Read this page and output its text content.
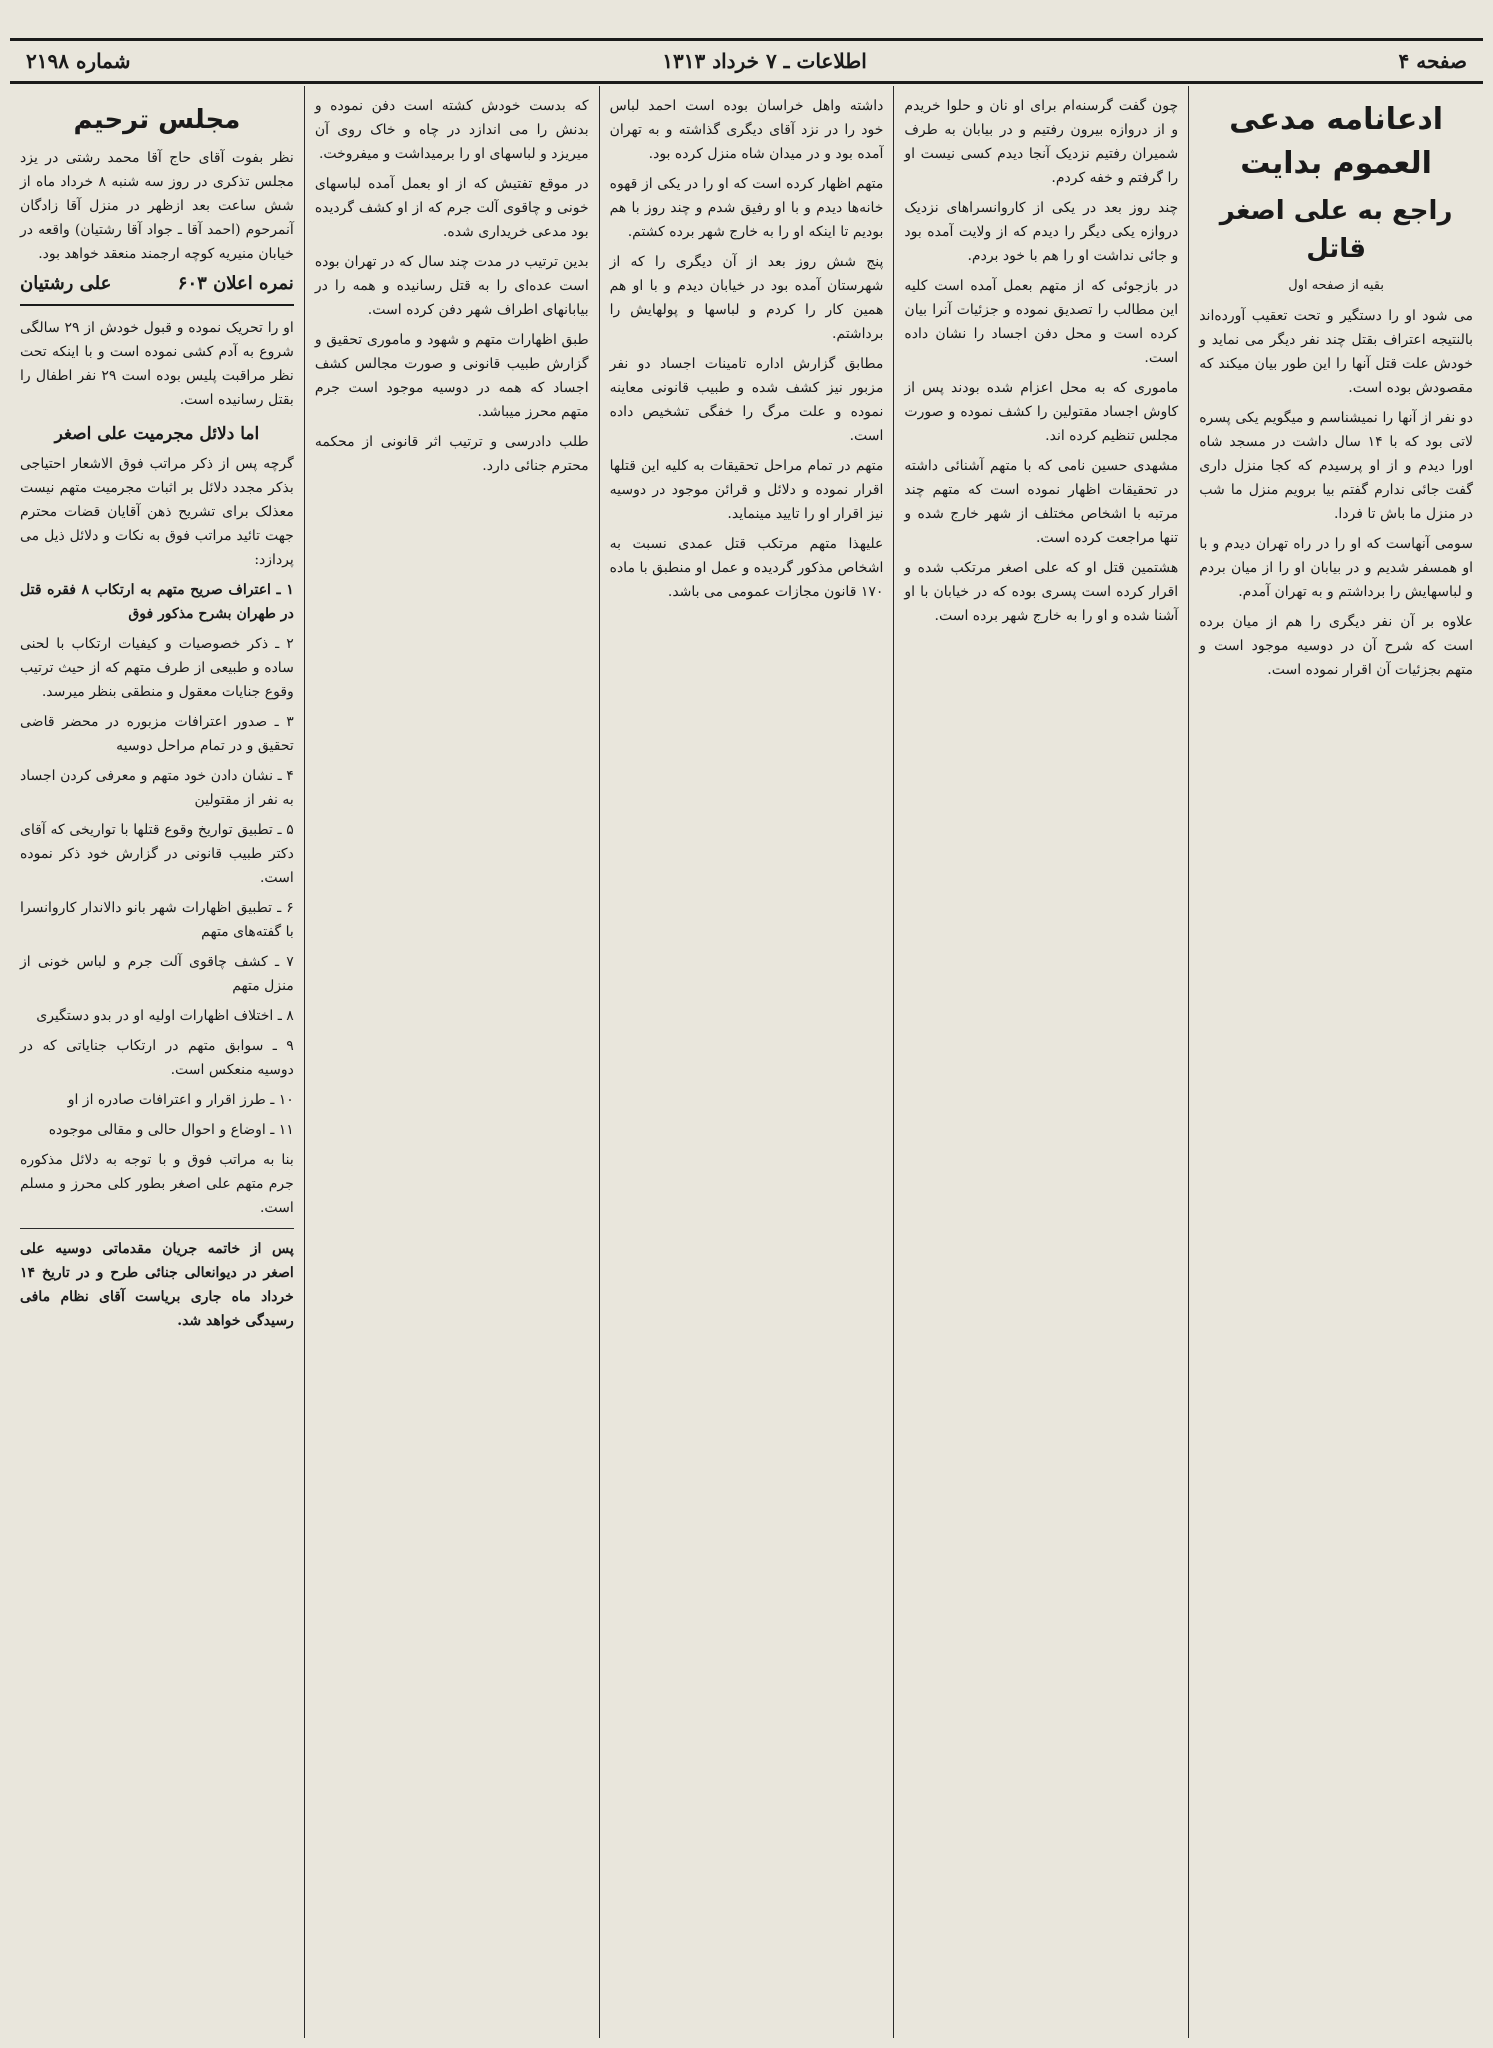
صفحه ۴
اطلاعات ـ ۷ خرداد ۱۳۱۳
شماره ۲۱۹۸
ادعانامه مدعی العموم بدایت
راجع به علی اصغر قاتل
بقیه از صفحه اول

می شود او را دستگیر و تحت تعقیب آورده‌اند بالنتیجه اعتراف بقتل چند نفر دیگر می نماید و خودش علت قتل آنها را این طور بیان میکند که مقصودش بوده است.

دو نفر از آنها را نمیشناسم و میگویم یکی پسره لاتی بود که با ۱۴ سال داشت در مسجد شاه اورا دیدم و از او پرسیدم که کجا منزل داری گفت جائی ندارم گفتم بیا برویم منزل ما شب در منزل ما باش تا فردا.

سومی آنهاست که او را در راه تهران دیدم و با او همسفر شدیم و در بیابان او را از میان بردم و لباسهایش را برداشتم و به تهران آمدم.

علاوه بر آن نفر دیگری را هم از میان برده است که شرح آن در دوسیه موجود است و متهم بجزئیات آن اقرار نموده است.

چون گفت گرسنه‌ام برای او نان و حلوا خریدم و از دروازه بیرون رفتیم و در بیابان به طرف شمیران رفتیم نزدیک آنجا دیدم کسی نیست او را گرفتم و خفه کردم.

چند روز بعد در یکی از کاروانسراهای نزدیک دروازه یکی دیگر را دیدم که از ولایت آمده بود و جائی نداشت او را هم با خود بردم.

در بازجوئی که از متهم بعمل آمده است کلیه این مطالب را تصدیق نموده و جزئیات آنرا بیان کرده است و محل دفن اجساد را نشان داده است.

ماموری که به محل اعزام شده بودند پس از کاوش اجساد مقتولین را کشف نموده و صورت مجلس تنظیم کرده اند.

مشهدی حسین نامی که با متهم آشنائی داشته در تحقیقات اظهار نموده است که متهم چند مرتبه با اشخاص مختلف از شهر خارج شده و تنها مراجعت کرده است.

هشتمین قتل او که علی اصغر مرتکب شده و اقرار کرده است پسری بوده که در خیابان با او آشنا شده و او را به خارج شهر برده است.

داشته واهل خراسان بوده است احمد لباس خود را در نزد آقای دیگری گذاشته و به تهران آمده بود و در میدان شاه منزل کرده بود.

متهم اظهار کرده است که او را در یکی از قهوه خانه‌ها دیدم و با او رفیق شدم و چند روز با هم بودیم تا اینکه او را به خارج شهر برده کشتم.

پنج شش روز بعد از آن دیگری را که از شهرستان آمده بود در خیابان دیدم و با او هم همین کار را کردم و لباسها و پولهایش را برداشتم.

مطابق گزارش اداره تامینات اجساد دو نفر مزبور نیز کشف شده و طبیب قانونی معاینه نموده و علت مرگ را خفگی تشخیص داده است.

متهم در تمام مراحل تحقیقات به کلیه این قتلها اقرار نموده و دلائل و قرائن موجود در دوسیه نیز اقرار او را تایید مینماید.

علیهذا متهم مرتکب قتل عمدی نسبت به اشخاص مذکور گردیده و عمل او منطبق با ماده ۱۷۰ قانون مجازات عمومی می باشد.

که بدست خودش کشته است دفن نموده و بدنش را می اندازد در چاه و خاک روی آن میریزد و لباسهای او را برمیداشت و میفروخت.

در موقع تفتیش که از او بعمل آمده لباسهای خونی و چاقوی آلت جرم که از او کشف گردیده بود مدعی خریداری شده.

بدین ترتیب در مدت چند سال که در تهران بوده است عده‌ای را به قتل رسانیده و همه را در بیابانهای اطراف شهر دفن کرده است.

طبق اظهارات متهم و شهود و ماموری تحقیق و گزارش طبیب قانونی و صورت مجالس کشف اجساد که همه در دوسیه موجود است جرم متهم محرز میباشد.

طلب دادرسی و ترتیب اثر قانونی از محکمه محترم جنائی دارد.

مجلس ترحیم

نظر بفوت آقای حاج آقا محمد رشتی در یزد مجلس تذکری در روز سه شنبه ۸ خرداد ماه از شش ساعت بعد ازظهر در منزل آقا زادگان آنمرحوم (احمد آقا ـ جواد آقا رشتیان) واقعه در خیابان منیریه کوچه ارجمند منعقد خواهد بود.

نمره اعلان ۶۰۳
علی رشتیان

او را تحریک نموده و قبول خودش از ۲۹ سالگی شروع به آدم کشی نموده است و با اینکه تحت نظر مراقبت پلیس بوده است ۲۹ نفر اطفال را بقتل رسانیده است.

اما دلائل مجرمیت علی اصغر

گرچه پس از ذکر مراتب فوق الاشعار احتیاجی بذکر مجدد دلائل بر اثبات مجرمیت متهم نیست معذلک برای تشریح ذهن آقایان قضات محترم جهت تائید مراتب فوق به نکات و دلائل ذیل می پردازد:

۱ ـ اعتراف صریح متهم به ارتکاب ۸ فقره قتل در طهران بشرح مذکور فوق

۲ ـ ذکر خصوصیات و کیفیات ارتکاب با لحنی ساده و طبیعی از طرف متهم که از حیث ترتیب وقوع جنایات معقول و منطقی بنظر میرسد.

۳ ـ صدور اعترافات مزبوره در محضر قاضی تحقیق و در تمام مراحل دوسیه

۴ ـ نشان دادن خود متهم و معرفی کردن اجساد به نفر از مقتولین

۵ ـ تطبیق تواریخ وقوع قتلها با تواریخی که آقای دکتر طبیب قانونی در گزارش خود ذکر نموده است.

۶ ـ تطبیق اظهارات شهر بانو دالاندار کاروانسرا با گفته‌های متهم

۷ ـ کشف چاقوی آلت جرم و لباس خونی از منزل متهم

۸ ـ اختلاف اظهارات اولیه او در بدو دستگیری

۹ ـ سوابق متهم در ارتکاب جنایاتی که در دوسیه منعکس است.

۱۰ ـ طرز اقرار و اعترافات صادره از او

۱۱ ـ اوضاع و احوال حالی و مقالی موجوده

بنا به مراتب فوق و با توجه به دلائل مذکوره جرم متهم علی اصغر بطور کلی محرز و مسلم است.

پس از خاتمه جریان مقدماتی دوسیه علی اصغر در دیوانعالی جنائی طرح و در تاریخ ۱۴ خرداد ماه جاری بریاست آقای نظام مافی رسیدگی خواهد شد.
